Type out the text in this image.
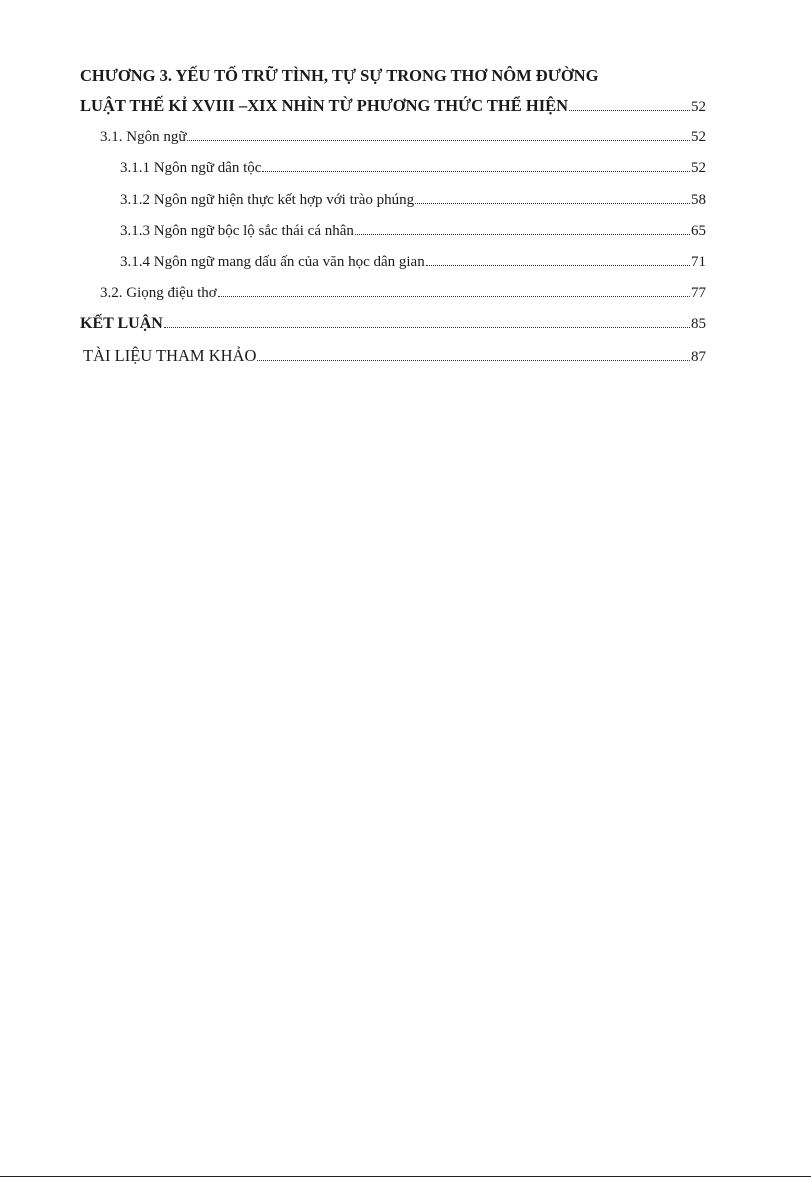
CHƯƠNG 3. YẾU TỐ TRỮ TÌNH, TỰ SỰ TRONG THƠ NÔM ĐƯỜNG
LUẬT THẾ KỈ XVIII –XIX NHÌN TỪ PHƯƠNG THỨC THỂ HIỆN	52
3.1. Ngôn ngữ	52
3.1.1 Ngôn ngữ dân tộc	52
3.1.2 Ngôn ngữ hiện thực kết hợp với trào phúng	58
3.1.3 Ngôn ngữ bộc lộ sắc thái cá nhân	65
3.1.4 Ngôn ngữ mang dấu ấn của văn học dân gian	71
3.2. Giọng điệu thơ	77
KẾT LUẬN	85
TÀI LIỆU THAM KHẢO	87
